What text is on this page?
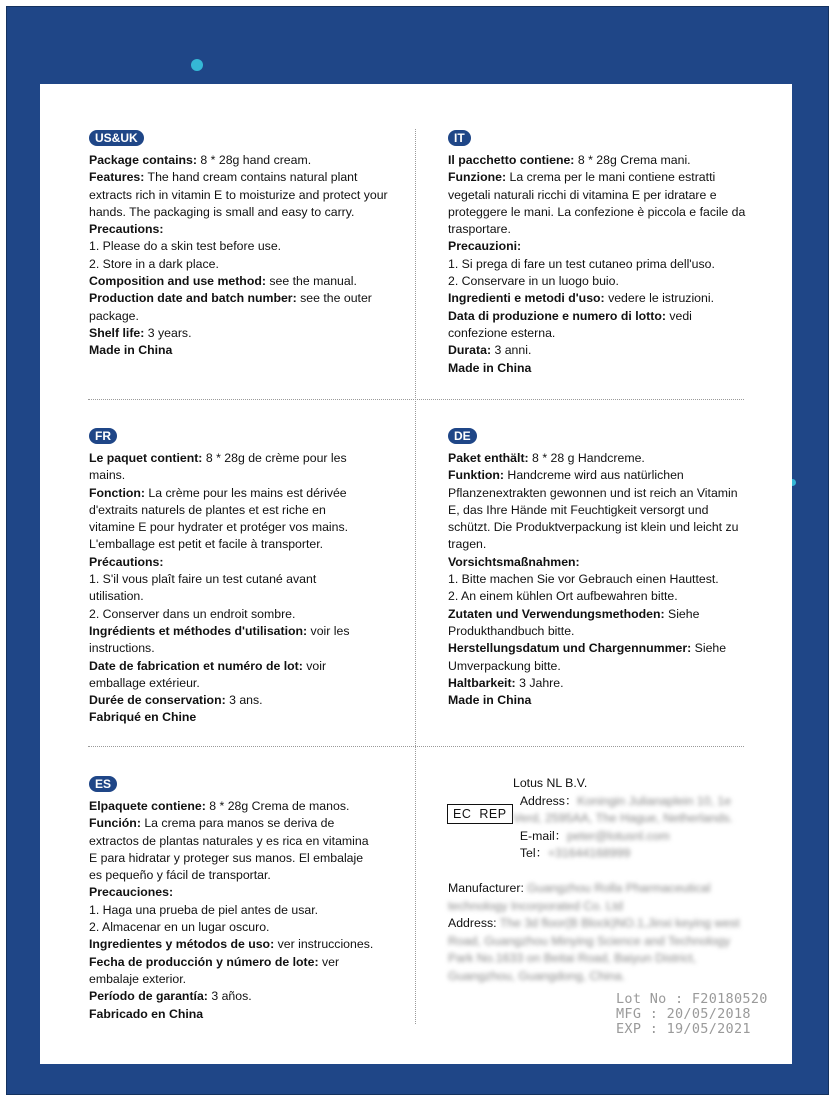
US&UK

Package contains: 8 * 28g hand cream.

Features: The hand cream contains natural plant extracts rich in vitamin E to moisturize and protect your hands. The packaging is small and easy to carry.

Precautions:

1. Please do a skin test before use.

2. Store in a dark place.

Composition and use method: see the manual.

Production date and batch number: see the outer package.

Shelf life: 3 years.

Made in China

IT

Il pacchetto contiene: 8 * 28g Crema mani.

Funzione: La crema per le mani contiene estratti vegetali naturali ricchi di vitamina E per idratare e proteggere le mani. La confezione è piccola e facile da trasportare.

Precauzioni:

1. Si prega di fare un test cutaneo prima dell'uso.

2. Conservare in un luogo buio.

Ingredienti e metodi d'uso: vedere le istruzioni.

Data di produzione e numero di lotto: vedi confezione esterna.

Durata: 3 anni.

Made in China

FR

Le paquet contient: 8 * 28g de crème pour les mains.

Fonction: La crème pour les mains est dérivée d'extraits naturels de plantes et est riche en vitamine E pour hydrater et protéger vos mains. L'emballage est petit et facile à transporter.

Précautions:

1. S'il vous plaît faire un test cutané avant utilisation.

2. Conserver dans un endroit sombre.

Ingrédients et méthodes d'utilisation: voir les instructions.

Date de fabrication et numéro de lot: voir emballage extérieur.

Durée de conservation: 3 ans.

Fabriqué en Chine

DE

Paket enthält: 8 * 28 g Handcreme.

Funktion: Handcreme wird aus natürlichen Pflanzenextrakten gewonnen und ist reich an Vitamin E, das Ihre Hände mit Feuchtigkeit versorgt und schützt. Die Produktverpackung ist klein und leicht zu tragen.

Vorsichtsmaßnahmen:

1. Bitte machen Sie vor Gebrauch einen Hauttest.

2. An einem kühlen Ort aufbewahren bitte.

Zutaten und Verwendungsmethoden: Siehe Produkthandbuch bitte.

Herstellungsdatum und Chargennummer: Siehe Umverpackung bitte.

Haltbarkeit: 3 Jahre.

Made in China

ES

Elpaquete contiene: 8 * 28g Crema de manos.

Función: La crema para manos se deriva de extractos de plantas naturales y es rica en vitamina E para hidratar y proteger sus manos. El embalaje es pequeño y fácil de transportar.

Precauciones:

1. Haga una prueba de piel antes de usar.

2. Almacenar en un lugar oscuro.

Ingredientes y métodos de uso: ver instrucciones.

Fecha de producción y número de lote: ver embalaje exterior.

Período de garantía: 3 años.

Fabricado en China

EC REP

Lotus NL B.V.

Address：Koningin Julianaplein 10, 1e Verd, 2595AA, The Hague, Netherlands.

E-mail：peter@lotusnl.com

Tel：+31644168999

Manufacturer: Guangzhou Rolla Pharmaceutical technology Incorporated Co. Ltd

Address: The 3d floor(B Block)NO.1,Jinxi keying west Road, Guangzhou Minying Science and Technology Park No.1633 on Beitai Road, Baiyun District, Guangzhou, Guangdong, China.

Lot No : F20180520

MFG : 20/05/2018

EXP : 19/05/2021
